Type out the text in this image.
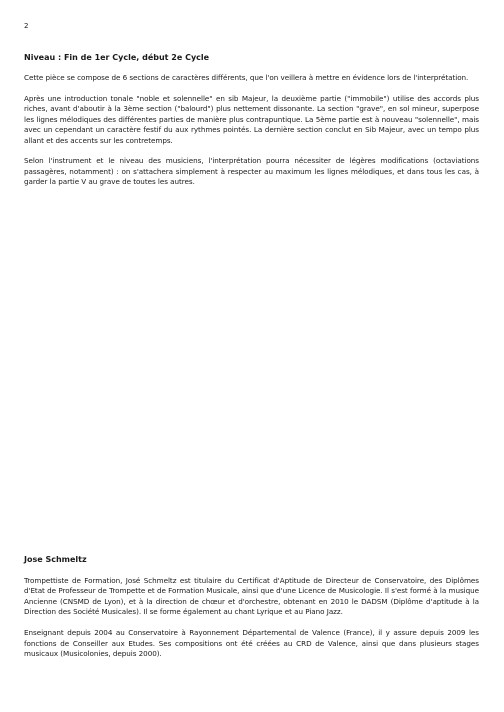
2
Niveau : Fin de 1er Cycle, début 2e Cycle

Cette pièce se compose de 6 sections de caractères différents, que l'on veillera à mettre en évidence lors de l'interprétation.

Après une introduction tonale "noble et solennelle" en sib Majeur, la deuxième partie ("immobile") utilise des accords plus riches, avant d'aboutir à la 3ème section ("balourd") plus nettement dissonante. La section "grave", en sol mineur, superpose les lignes mélodiques des différentes parties de manière plus contrapuntique. La 5ème partie est à nouveau "solennelle", mais avec un cependant un caractère festif du aux rythmes pointés. La dernière section conclut en Sib Majeur, avec un tempo plus allant et des accents sur les contretemps.

Selon l'instrument et le niveau des musiciens, l'interprétation pourra nécessiter de légères modifications (octaviations passagères, notamment) : on s'attachera simplement à respecter au maximum les lignes mélodiques, et dans tous les cas, à garder la partie V au grave de toutes les autres.

Jose Schmeltz

Trompettiste de Formation, José Schmeltz est titulaire du Certificat d'Aptitude de Directeur de Conservatoire, des Diplômes d'Etat de Professeur de Trompette et de Formation Musicale, ainsi que d'une Licence de Musicologie. Il s'est formé à la musique Ancienne (CNSMD de Lyon), et à la direction de chœur et d'orchestre, obtenant en 2010 le DADSM (Diplôme d'aptitude à la Direction des Société Musicales). Il se forme également au chant Lyrique et au Piano Jazz.

Enseignant depuis 2004 au Conservatoire à Rayonnement Départemental de Valence (France), il y assure depuis 2009 les fonctions de Conseiller aux Etudes. Ses compositions ont été créées au CRD de Valence, ainsi que dans plusieurs stages musicaux (Musicolonies, depuis 2000).
